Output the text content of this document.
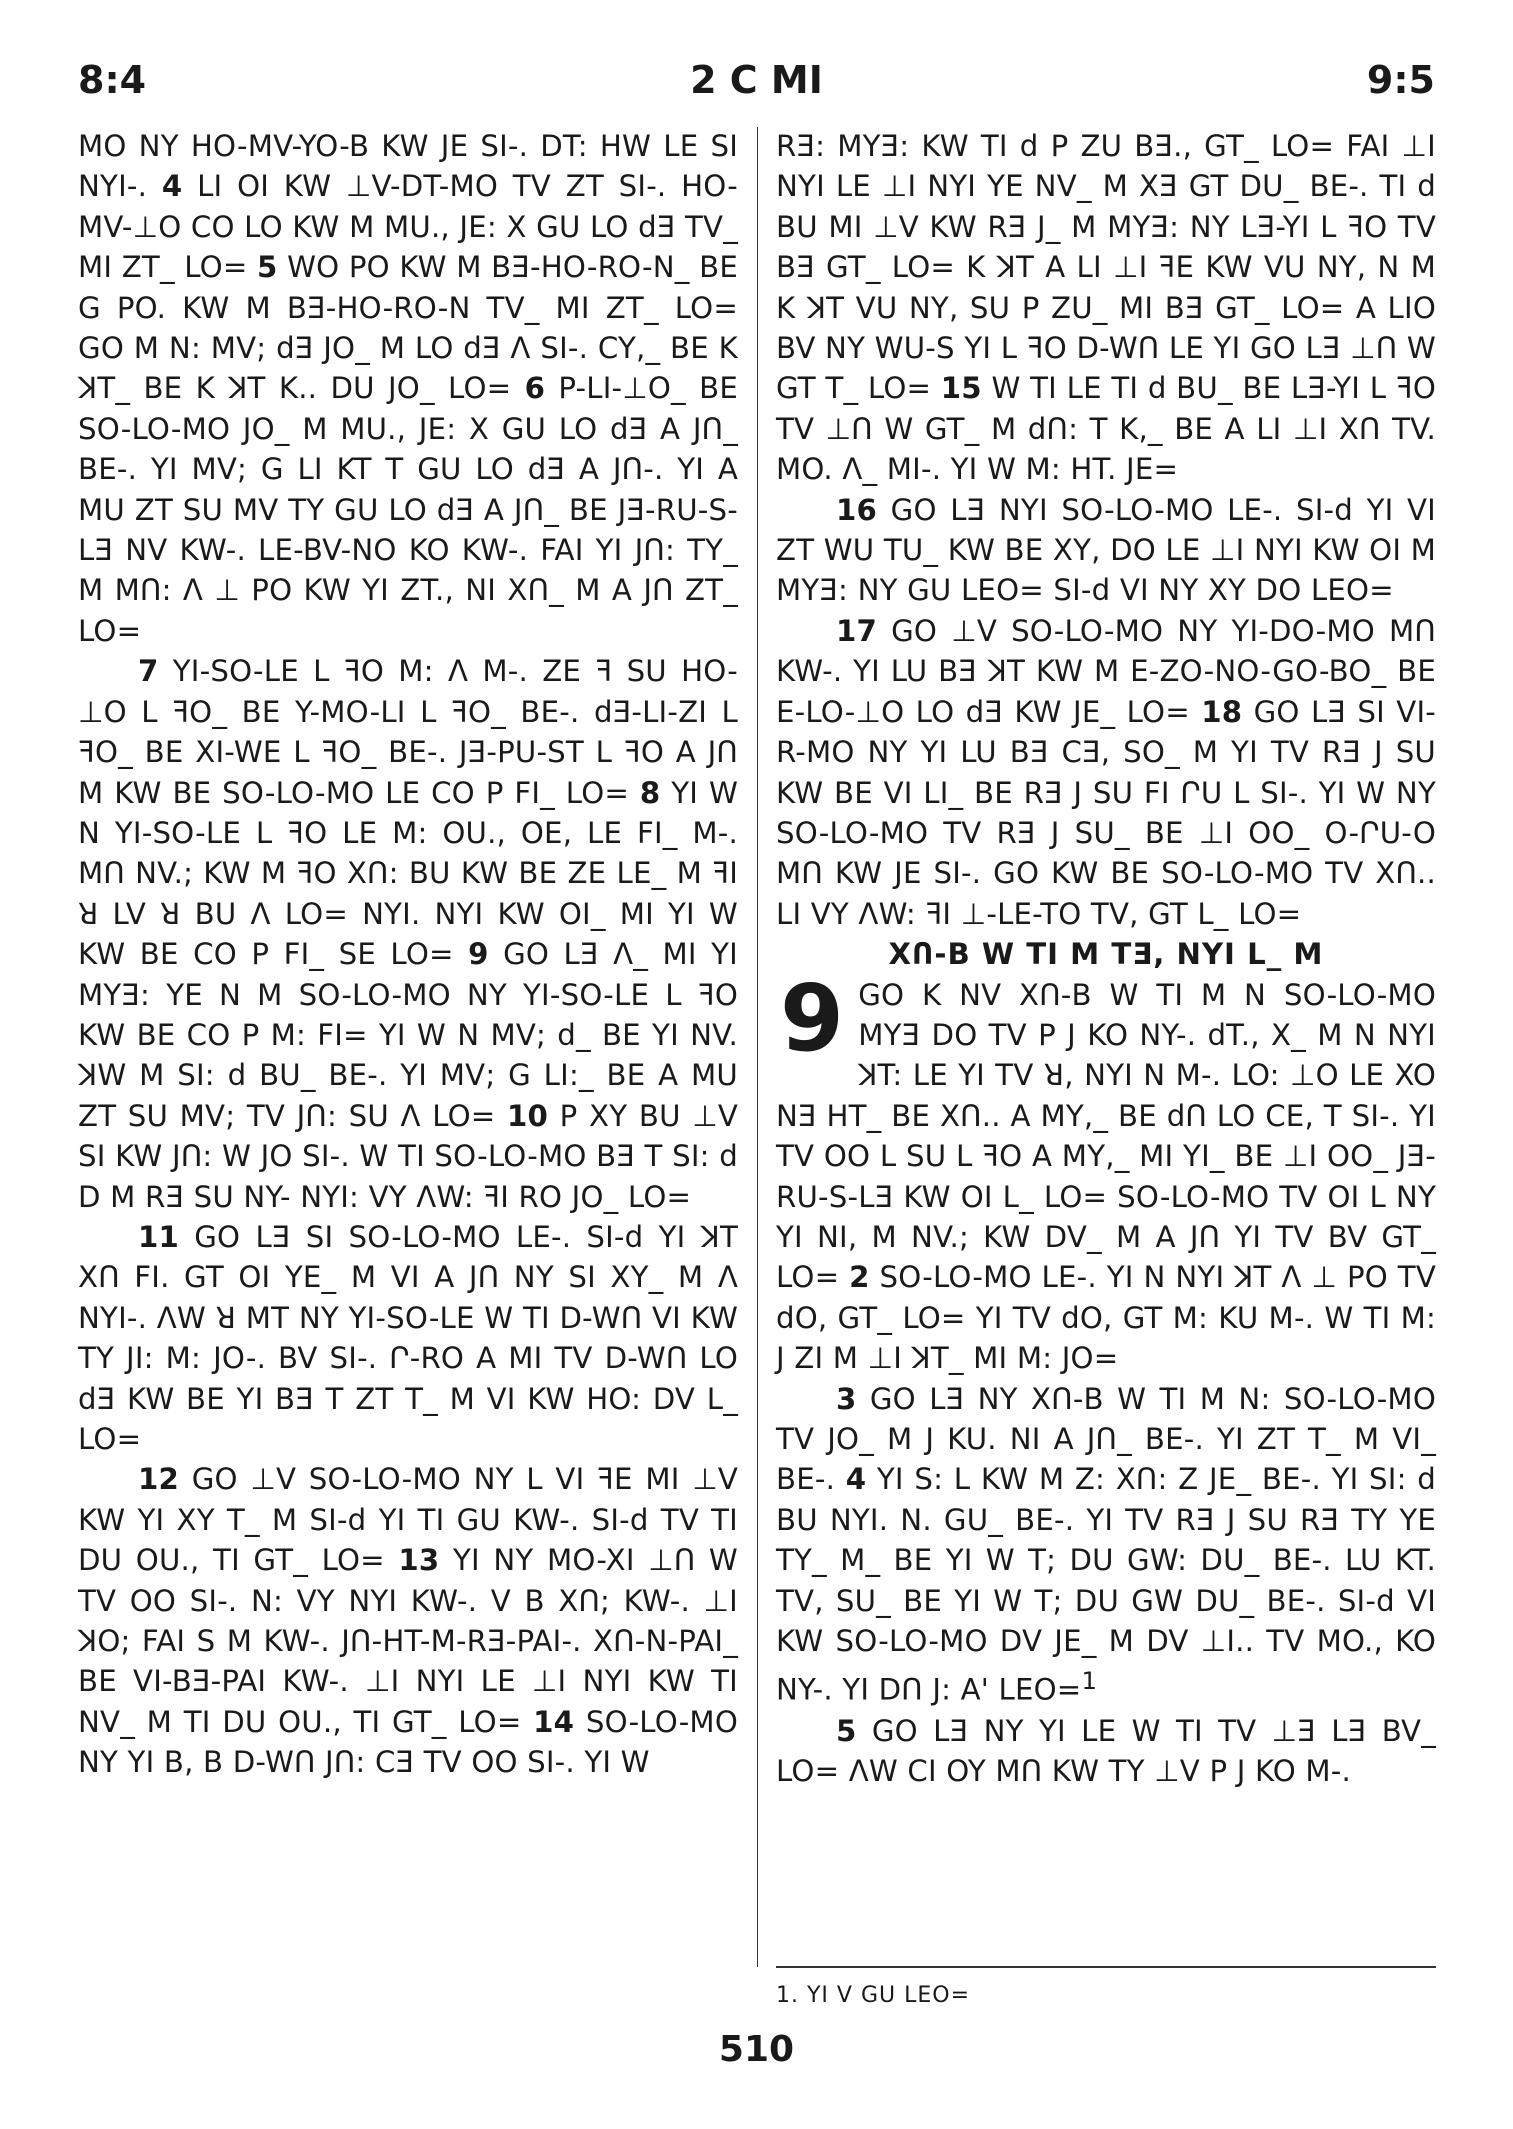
8:4	2 C MI	9:5

MO NY HO-MV-YO-B KW JE SI-. DT: HW LE SI NYI-. 4 LI OI KW ⊥V-DT-MO TV ZT SI-. HO-MV-⊥O CO LO KW M MU., JE: X GU LO dƎ TV_ MI ZT_ LO= 5 WO PO KW M BƎ-HO-RO-N_ BE G PO. KW M BƎ-HO-RO-N TV_ MI ZT_ LO= GO M N: MV; dƎ JO_ M LO dƎ Λ SI-. CY,_ BE K ꓘT_ BE K ꓘT K.. DU JO_ LO= 6 P-LI-⊥O_ BE SO-LO-MO JO_ M MU., JE: X GU LO dƎ A JՈ_ BE-. YI MV; G LI KT T GU LO dƎ A JՈ-. YI A MU ZT SU MV TY GU LO dƎ A JՈ_ BE JƎ-RU-S-LƎ NV KW-. LE-BV-NO KO KW-. FAI YI JՈ: TY_ M MՈ: Λ ⊥ PO KW YI ZT., NI XՈ_ M A JՈ ZT_ LO=

7 YI-SO-LE L ꟻO M: Λ M-. ZE ꟻ SU HO-⊥O L ꟻO_ BE Y-MO-LI L ꟻO_ BE-. dƎ-LI-ZI L ꟻO_ BE XI-WE L ꟻO_ BE-. JƎ-PU-ST L ꟻO A JՈ M KW BE SO-LO-MO LE CO P FI_ LO= 8 YI W N YI-SO-LE L ꟻO LE M: OU., OE, LE FI_ M-. MՈ NV.; KW M ꟻO XՈ: BU KW BE ZE LE_ M ꟻI ꓤ LV ꓤ BU Λ LO= NYI. NYI KW OI_ MI YI W KW BE CO P FI_ SE LO= 9 GO LƎ Λ_ MI YI MYƎ: YE N M SO-LO-MO NY YI-SO-LE L ꟻO KW BE CO P M: FI= YI W N MV; d_ BE YI NV. ꓘW M SI: d BU_ BE-. YI MV; G LI:_ BE A MU ZT SU MV; TV JՈ: SU Λ LO= 10 P XY BU ⊥V SI KW JՈ: W JO SI-. W TI SO-LO-MO BƎ T SI: d D M RƎ SU NY- NYI: VY ΛW: ꟻI RO JO_ LO=

11 GO LƎ SI SO-LO-MO LE-. SI-d YI ꓘT XՈ FI. GT OI YE_ M VI A JՈ NY SI XY_ M Λ NYI-. ΛW ꓤ MT NY YI-SO-LE W TI D-WՈ VI KW TY JI: M: JO-. BV SI-. Ր-RO A MI TV D-WՈ LO dƎ KW BE YI BƎ T ZT T_ M VI KW HO: DV L_ LO=

12 GO ⊥V SO-LO-MO NY L VI ꟻE MI ⊥V KW YI XY T_ M SI-d YI TI GU KW-. SI-d TV TI DU OU., TI GT_ LO= 13 YI NY MO-XI ⊥Ո W TV OO SI-. N: VY NYI KW-. V B XՈ; KW-. ⊥I ꓘO; FAI S M KW-. JՈ-HT-M-RƎ-PAI-. XՈ-N-PAI_ BE VI-BƎ-PAI KW-. ⊥I NYI LE ⊥I NYI KW TI NV_ M TI DU OU., TI GT_ LO= 14 SO-LO-MO NY YI B, B D-WՈ JՈ: CƎ TV OO SI-. YI W

RƎ: MYƎ: KW TI d P ZU BƎ., GT_ LO= FAI ⊥I NYI LE ⊥I NYI YE NV_ M XƎ GT DU_ BE-. TI d BU MI ⊥V KW RƎ J_ M MYƎ: NY LƎ-YI L ꟻO TV BƎ GT_ LO= K ꓘT A LI ⊥I ꟻE KW VU NY, N M K ꓘT VU NY, SU P ZU_ MI BƎ GT_ LO= A LIO BV NY WU-S YI L ꟻO D-WՈ LE YI GO LƎ ⊥Ո W GT T_ LO= 15 W TI LE TI d BU_ BE LƎ-YI L ꟻO TV ⊥Ո W GT_ M dՈ: T K,_ BE A LI ⊥I XՈ TV. MO. Λ_ MI-. YI W M: HT. JE=

16 GO LƎ NYI SO-LO-MO LE-. SI-d YI VI ZT WU TU_ KW BE XY, DO LE ⊥I NYI KW OI M MYƎ: NY GU LEO= SI-d VI NY XY DO LEO=

17 GO ⊥V SO-LO-MO NY YI-DO-MO MՈ KW-. YI LU BƎ ꓘT KW M E-ZO-NO-GO-BO_ BE E-LO-⊥O LO dƎ KW JE_ LO= 18 GO LƎ SI VI-R-MO NY YI LU BƎ CƎ, SO_ M YI TV RƎ J SU KW BE VI LI_ BE RƎ J SU FI ՐU L SI-. YI W NY SO-LO-MO TV RƎ J SU_ BE ⊥I OO_ O-ՐU-O MՈ KW JE SI-. GO KW BE SO-LO-MO TV XՈ.. LI VY ΛW: ꟻI ⊥-LE-TO TV, GT L_ LO=

XՈ-B W TI M TƎ, NYI L_ M

9 GO K NV XՈ-B W TI M N SO-LO-MO MYƎ DO TV P J KO NY-. dT., X_ M N NYI ꓘT: LE YI TV ꓤ, NYI N M-. LO: ⊥O LE XO NƎ HT_ BE XՈ.. A MY,_ BE dՈ LO CE, T SI-. YI TV OO L SU L ꟻO A MY,_ MI YI_ BE ⊥I OO_ JƎ-RU-S-LƎ KW OI L_ LO= SO-LO-MO TV OI L NY YI NI, M NV.; KW DV_ M A JՈ YI TV BV GT_ LO= 2 SO-LO-MO LE-. YI N NYI ꓘT Λ ⊥ PO TV dO, GT_ LO= YI TV dO, GT M: KU M-. W TI M: J ZI M ⊥I ꓘT_ MI M: JO=

3 GO LƎ NY XՈ-B W TI M N: SO-LO-MO TV JO_ M J KU. NI A JՈ_ BE-. YI ZT T_ M VI_ BE-. 4 YI S: L KW M Z: XՈ: Z JE_ BE-. YI SI: d BU NYI. N. GU_ BE-. YI TV RƎ J SU RƎ TY YE TY_ M_ BE YI W T; DU GW: DU_ BE-. LU KT. TV, SU_ BE YI W T; DU GW DU_ BE-. SI-d VI KW SO-LO-MO DV JE_ M DV ⊥I.. TV MO., KO NY-. YI DՈ J: A' LEO=$^1$

5 GO LƎ NY YI LE W TI TV ⊥Ǝ LƎ BV_ LO= ΛW CI OY MՈ KW TY ⊥V P J KO M-.

1. YI V GU LEO=
510
